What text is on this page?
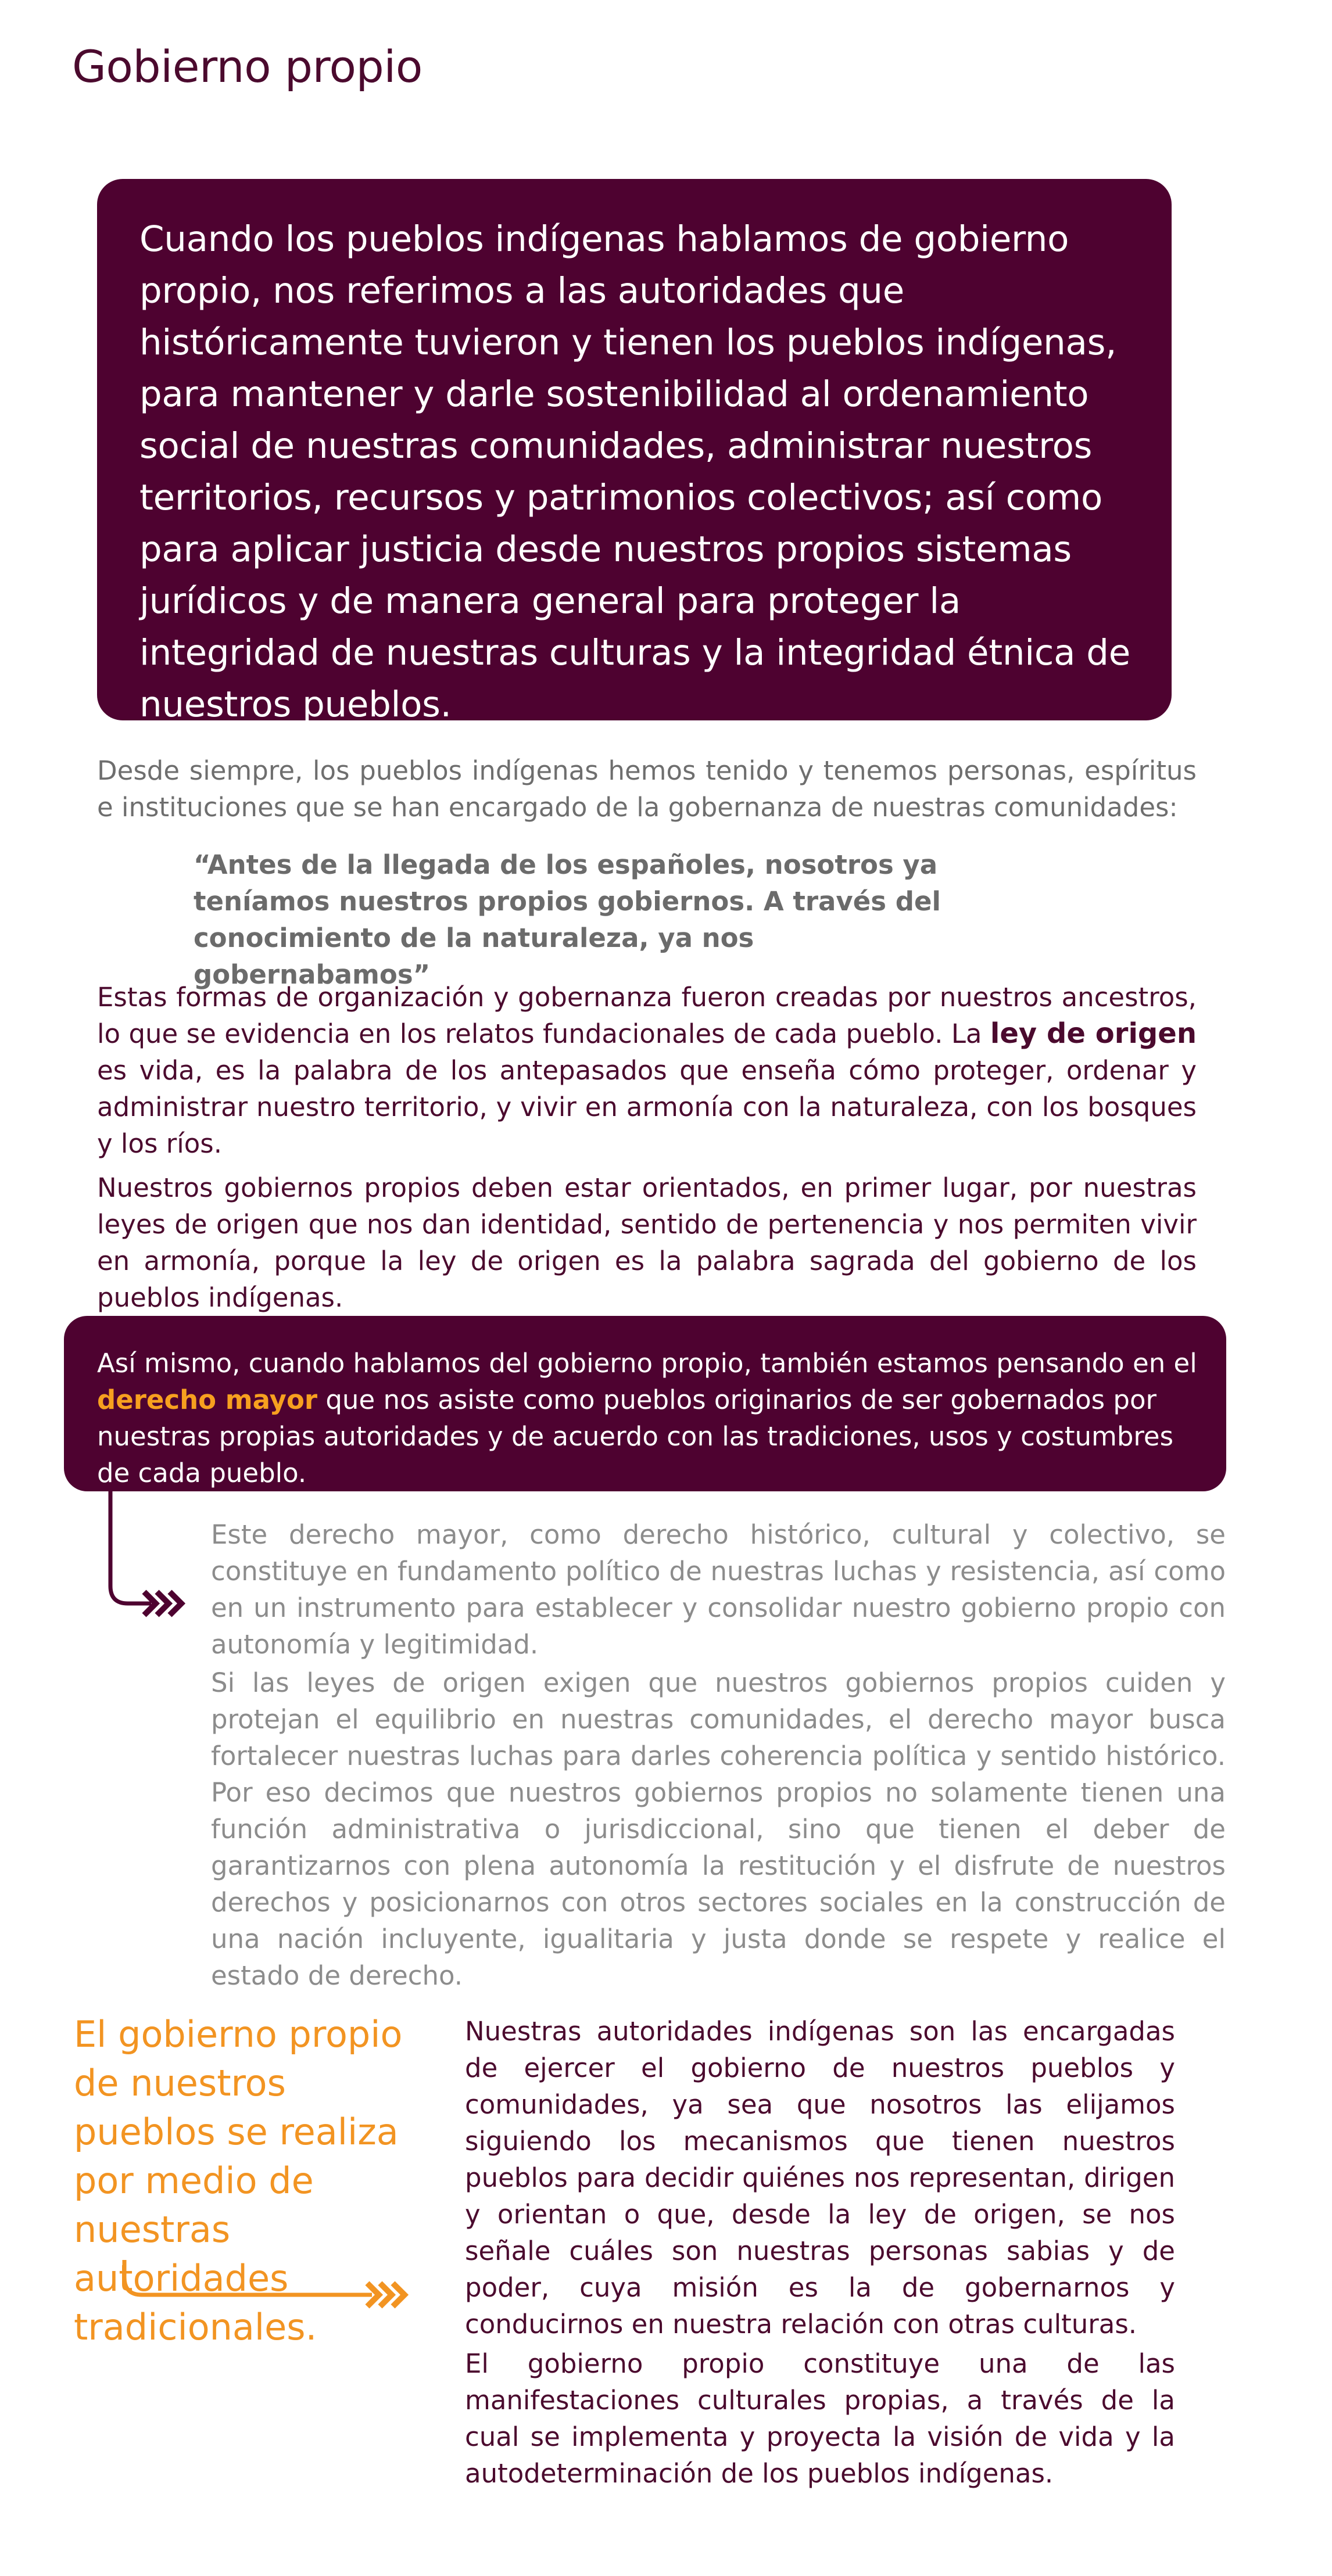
Gobierno propio
Cuando los pueblos indígenas hablamos de gobierno propio, nos referimos a las autoridades que históricamente tuvieron y tienen los pueblos indígenas, para mantener y darle sostenibilidad al ordenamiento social de nuestras comunidades, administrar nuestros territorios, recursos y patrimonios colectivos; así como para aplicar justicia desde nuestros propios sistemas jurídicos y de manera general para proteger la integridad de nuestras culturas y la integridad étnica de nuestros pueblos.
Desde siempre, los pueblos indígenas hemos tenido y tenemos personas, espíritus e instituciones que se han encargado de la gobernanza de nuestras comunidades:
“Antes de la llegada de los españoles, nosotros ya teníamos nuestros propios gobiernos. A través del conocimiento de la naturaleza, ya nos gobernabamos”
Estas formas de organización y gobernanza fueron creadas por nuestros ancestros, lo que se evidencia en los relatos fundacionales de cada pueblo. La ley de origen es vida, es la palabra de los antepasados que enseña cómo proteger, ordenar y administrar nuestro territorio, y vivir en armonía con la naturaleza, con los bosques y los ríos.
Nuestros gobiernos propios deben estar orientados, en primer lugar, por nuestras leyes de origen que nos dan identidad, sentido de pertenencia y nos permiten vivir en armonía, porque la ley de origen es la palabra sagrada del gobierno de los pueblos indígenas.
Así mismo, cuando hablamos del gobierno propio, también estamos pensando en el derecho mayor que nos asiste como pueblos originarios de ser gobernados por nuestras propias autoridades y de acuerdo con las tradiciones, usos y costumbres de cada pueblo.
Este derecho mayor, como derecho histórico, cultural y colectivo, se constituye en fundamento político de nuestras luchas y resistencia, así como en un instrumento para establecer y consolidar nuestro gobierno propio con autonomía y legitimidad.
Si las leyes de origen exigen que nuestros gobiernos propios cuiden y protejan el equilibrio en nuestras comunidades, el derecho mayor busca fortalecer nuestras luchas para darles coherencia política y sentido histórico. Por eso decimos que nuestros gobiernos propios no solamente tienen una función administrativa o jurisdiccional, sino que tienen el deber de garantizarnos con plena autonomía la restitución y el disfrute de nuestros derechos y posicionarnos con otros sectores sociales en la construcción de una nación incluyente, igualitaria y justa donde se respete y realice el estado de derecho.
El gobierno propio de nuestros pueblos se realiza por medio de nuestras autoridades tradicionales.
Nuestras autoridades indígenas son las encargadas de ejercer el gobierno de nuestros pueblos y comunidades, ya sea que nosotros las elijamos siguiendo los mecanismos que tienen nuestros pueblos para decidir quiénes nos representan, dirigen y orientan o que, desde la ley de origen, se nos señale cuáles son nuestras personas sabias y de poder, cuya misión es la de gobernarnos y conducirnos en nuestra relación con otras culturas.
El gobierno propio constituye una de las manifestaciones culturales propias, a través de la cual se implementa y proyecta la visión de vida y la autodeterminación de los pueblos indígenas.
